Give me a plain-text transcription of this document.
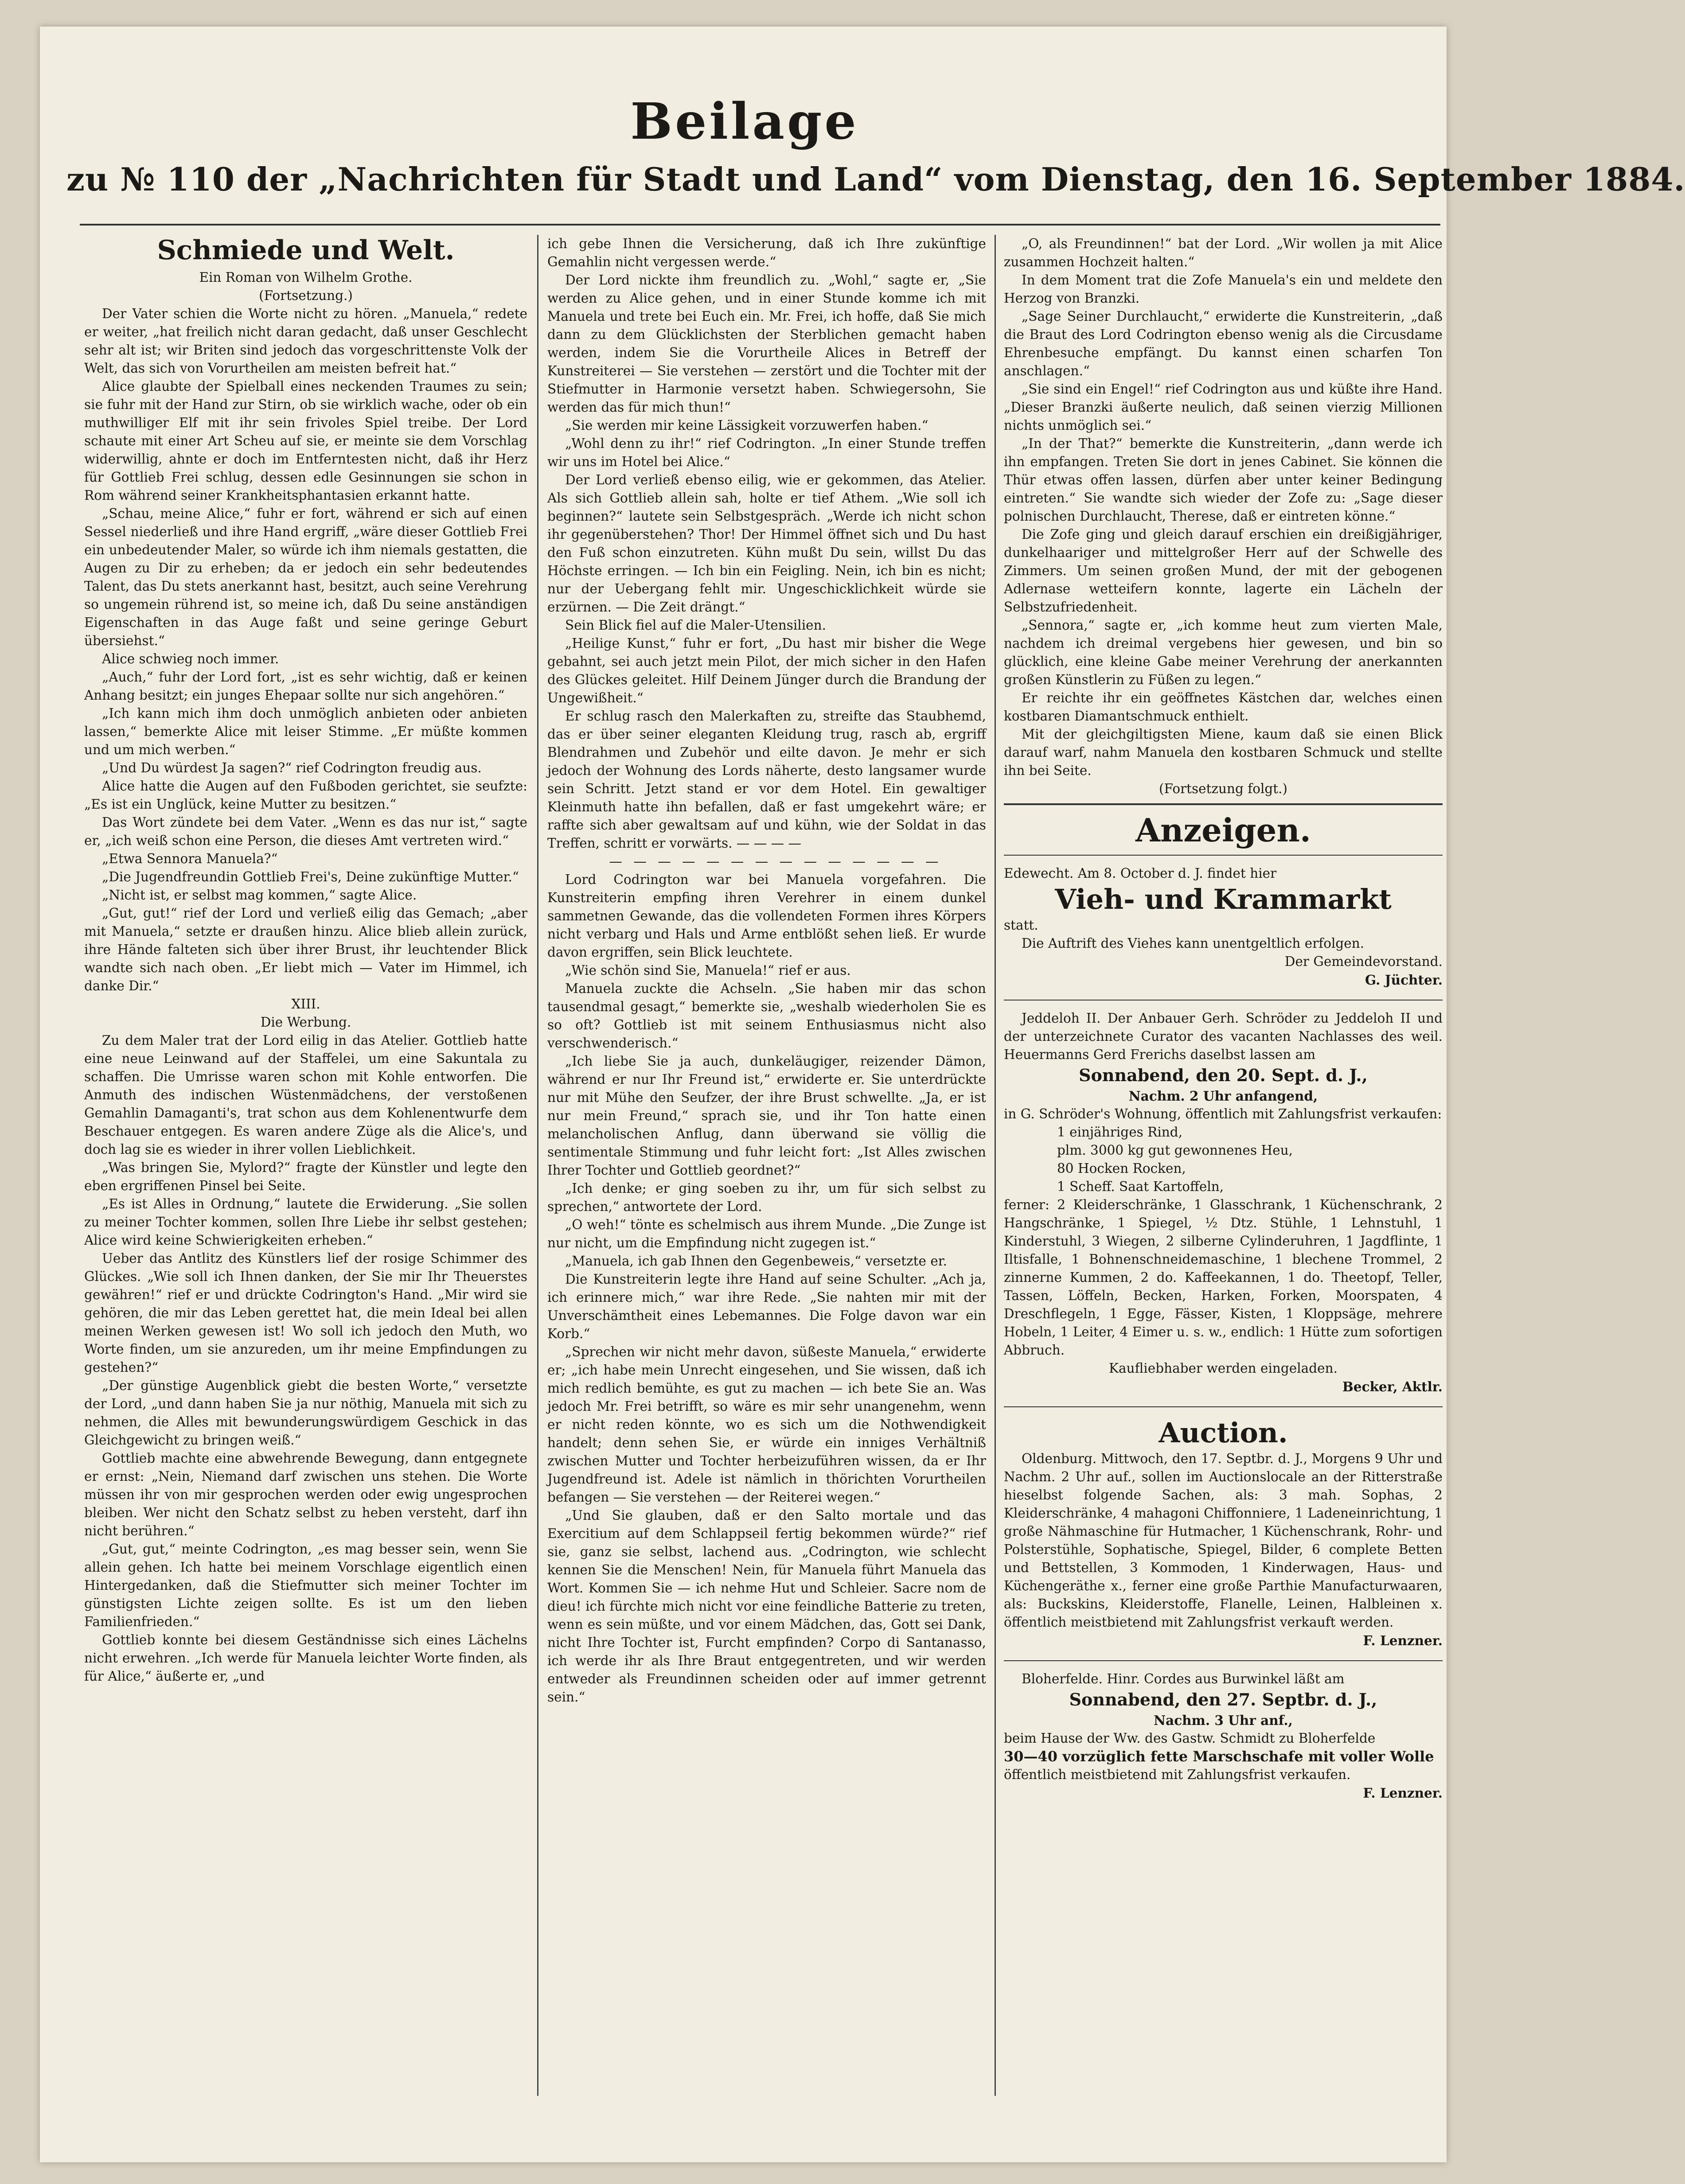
Beilage
zu № 110 der „Nachrichten für Stadt und Land“ vom Dienstag, den 16. September 1884.
Schmiede und Welt.

Ein Roman von Wilhelm Grothe.

(Fortsetzung.)

Der Vater schien die Worte nicht zu hören. „Manuela,“ redete er weiter, „hat freilich nicht daran gedacht, daß unser Geschlecht sehr alt ist; wir Briten sind jedoch das vorgeschrittenste Volk der Welt, das sich von Vorurtheilen am meisten befreit hat.“

Alice glaubte der Spielball eines neckenden Traumes zu sein; sie fuhr mit der Hand zur Stirn, ob sie wirklich wache, oder ob ein muthwilliger Elf mit ihr sein frivoles Spiel treibe. Der Lord schaute mit einer Art Scheu auf sie, er meinte sie dem Vorschlag widerwillig, ahnte er doch im Entferntesten nicht, daß ihr Herz für Gottlieb Frei schlug, dessen edle Gesinnungen sie schon in Rom während seiner Krankheitsphantasien erkannt hatte.

„Schau, meine Alice,“ fuhr er fort, während er sich auf einen Sessel niederließ und ihre Hand ergriff, „wäre dieser Gottlieb Frei ein unbedeutender Maler, so würde ich ihm niemals gestatten, die Augen zu Dir zu erheben; da er jedoch ein sehr bedeutendes Talent, das Du stets anerkannt hast, besitzt, auch seine Verehrung so ungemein rührend ist, so meine ich, daß Du seine anständigen Eigenschaften in das Auge faßt und seine geringe Geburt übersiehst.“

Alice schwieg noch immer.

„Auch,“ fuhr der Lord fort, „ist es sehr wichtig, daß er keinen Anhang besitzt; ein junges Ehepaar sollte nur sich angehören.“

„Ich kann mich ihm doch unmöglich anbieten oder anbieten lassen,“ bemerkte Alice mit leiser Stimme. „Er müßte kommen und um mich werben.“

„Und Du würdest Ja sagen?“ rief Codrington freudig aus.

Alice hatte die Augen auf den Fußboden gerichtet, sie seufzte: „Es ist ein Unglück, keine Mutter zu besitzen.“

Das Wort zündete bei dem Vater. „Wenn es das nur ist,“ sagte er, „ich weiß schon eine Person, die dieses Amt vertreten wird.“

„Etwa Sennora Manuela?“

„Die Jugendfreundin Gottlieb Frei's, Deine zukünftige Mutter.“

„Nicht ist, er selbst mag kommen,“ sagte Alice.

„Gut, gut!“ rief der Lord und verließ eilig das Gemach; „aber mit Manuela,“ setzte er draußen hinzu. Alice blieb allein zurück, ihre Hände falteten sich über ihrer Brust, ihr leuchtender Blick wandte sich nach oben. „Er liebt mich — Vater im Himmel, ich danke Dir.“

XIII.

Die Werbung.

Zu dem Maler trat der Lord eilig in das Atelier. Gottlieb hatte eine neue Leinwand auf der Staffelei, um eine Sakuntala zu schaffen. Die Umrisse waren schon mit Kohle entworfen. Die Anmuth des indischen Wüstenmädchens, der verstoßenen Gemahlin Damaganti's, trat schon aus dem Kohlenentwurfe dem Beschauer entgegen. Es waren andere Züge als die Alice's, und doch lag sie es wieder in ihrer vollen Lieblichkeit.

„Was bringen Sie, Mylord?“ fragte der Künstler und legte den eben ergriffenen Pinsel bei Seite.

„Es ist Alles in Ordnung,“ lautete die Erwiderung. „Sie sollen zu meiner Tochter kommen, sollen Ihre Liebe ihr selbst gestehen; Alice wird keine Schwierigkeiten erheben.“

Ueber das Antlitz des Künstlers lief der rosige Schimmer des Glückes. „Wie soll ich Ihnen danken, der Sie mir Ihr Theuerstes gewähren!“ rief er und drückte Codrington's Hand. „Mir wird sie gehören, die mir das Leben gerettet hat, die mein Ideal bei allen meinen Werken gewesen ist! Wo soll ich jedoch den Muth, wo Worte finden, um sie anzureden, um ihr meine Empfindungen zu gestehen?“

„Der günstige Augenblick giebt die besten Worte,“ versetzte der Lord, „und dann haben Sie ja nur nöthig, Manuela mit sich zu nehmen, die Alles mit bewunderungswürdigem Geschick in das Gleichgewicht zu bringen weiß.“

Gottlieb machte eine abwehrende Bewegung, dann entgegnete er ernst: „Nein, Niemand darf zwischen uns stehen. Die Worte müssen ihr von mir gesprochen werden oder ewig ungesprochen bleiben. Wer nicht den Schatz selbst zu heben versteht, darf ihn nicht berühren.“

„Gut, gut,“ meinte Codrington, „es mag besser sein, wenn Sie allein gehen. Ich hatte bei meinem Vorschlage eigentlich einen Hintergedanken, daß die Stiefmutter sich meiner Tochter im günstigsten Lichte zeigen sollte. Es ist um den lieben Familienfrieden.“

Gottlieb konnte bei diesem Geständnisse sich eines Lächelns nicht erwehren. „Ich werde für Manuela leichter Worte finden, als für Alice,“ äußerte er, „und

ich gebe Ihnen die Versicherung, daß ich Ihre zukünftige Gemahlin nicht vergessen werde.“

Der Lord nickte ihm freundlich zu. „Wohl,“ sagte er, „Sie werden zu Alice gehen, und in einer Stunde komme ich mit Manuela und trete bei Euch ein. Mr. Frei, ich hoffe, daß Sie mich dann zu dem Glücklichsten der Sterblichen gemacht haben werden, indem Sie die Vorurtheile Alices in Betreff der Kunstreiterei — Sie verstehen — zerstört und die Tochter mit der Stiefmutter in Harmonie versetzt haben. Schwiegersohn, Sie werden das für mich thun!“

„Sie werden mir keine Lässigkeit vorzuwerfen haben.“

„Wohl denn zu ihr!“ rief Codrington. „In einer Stunde treffen wir uns im Hotel bei Alice.“

Der Lord verließ ebenso eilig, wie er gekommen, das Atelier. Als sich Gottlieb allein sah, holte er tief Athem. „Wie soll ich beginnen?“ lautete sein Selbstgespräch. „Werde ich nicht schon ihr gegenüberstehen? Thor! Der Himmel öffnet sich und Du hast den Fuß schon einzutreten. Kühn mußt Du sein, willst Du das Höchste erringen. — Ich bin ein Feigling. Nein, ich bin es nicht; nur der Uebergang fehlt mir. Ungeschicklichkeit würde sie erzürnen. — Die Zeit drängt.“

Sein Blick fiel auf die Maler-Utensilien.

„Heilige Kunst,“ fuhr er fort, „Du hast mir bisher die Wege gebahnt, sei auch jetzt mein Pilot, der mich sicher in den Hafen des Glückes geleitet. Hilf Deinem Jünger durch die Brandung der Ungewißheit.“

Er schlug rasch den Malerkaften zu, streifte das Staubhemd, das er über seiner eleganten Kleidung trug, rasch ab, ergriff Blendrahmen und Zubehör und eilte davon. Je mehr er sich jedoch der Wohnung des Lords näherte, desto langsamer wurde sein Schritt. Jetzt stand er vor dem Hotel. Ein gewaltiger Kleinmuth hatte ihn befallen, daß er fast umgekehrt wäre; er raffte sich aber gewaltsam auf und kühn, wie der Soldat in das Treffen, schritt er vorwärts. — — — —

— — — — — — — — — — — — — —

Lord Codrington war bei Manuela vorgefahren. Die Kunstreiterin empfing ihren Verehrer in einem dunkel sammetnen Gewande, das die vollendeten Formen ihres Körpers nicht verbarg und Hals und Arme entblößt sehen ließ. Er wurde davon ergriffen, sein Blick leuchtete.

„Wie schön sind Sie, Manuela!“ rief er aus.

Manuela zuckte die Achseln. „Sie haben mir das schon tausendmal gesagt,“ bemerkte sie, „weshalb wiederholen Sie es so oft? Gottlieb ist mit seinem Enthusiasmus nicht also verschwenderisch.“

„Ich liebe Sie ja auch, dunkeläugiger, reizender Dämon, während er nur Ihr Freund ist,“ erwiderte er. Sie unterdrückte nur mit Mühe den Seufzer, der ihre Brust schwellte. „Ja, er ist nur mein Freund,“ sprach sie, und ihr Ton hatte einen melancholischen Anflug, dann überwand sie völlig die sentimentale Stimmung und fuhr leicht fort: „Ist Alles zwischen Ihrer Tochter und Gottlieb geordnet?“

„Ich denke; er ging soeben zu ihr, um für sich selbst zu sprechen,“ antwortete der Lord.

„O weh!“ tönte es schelmisch aus ihrem Munde. „Die Zunge ist nur nicht, um die Empfindung nicht zugegen ist.“

„Manuela, ich gab Ihnen den Gegenbeweis,“ versetzte er.

Die Kunstreiterin legte ihre Hand auf seine Schulter. „Ach ja, ich erinnere mich,“ war ihre Rede. „Sie nahten mir mit der Unverschämtheit eines Lebemannes. Die Folge davon war ein Korb.“

„Sprechen wir nicht mehr davon, süßeste Manuela,“ erwiderte er; „ich habe mein Unrecht eingesehen, und Sie wissen, daß ich mich redlich bemühte, es gut zu machen — ich bete Sie an. Was jedoch Mr. Frei betrifft, so wäre es mir sehr unangenehm, wenn er nicht reden könnte, wo es sich um die Nothwendigkeit handelt; denn sehen Sie, er würde ein inniges Verhältniß zwischen Mutter und Tochter herbeizuführen wissen, da er Ihr Jugendfreund ist. Adele ist nämlich in thörichten Vorurtheilen befangen — Sie verstehen — der Reiterei wegen.“

„Und Sie glauben, daß er den Salto mortale und das Exercitium auf dem Schlappseil fertig bekommen würde?“ rief sie, ganz sie selbst, lachend aus. „Codrington, wie schlecht kennen Sie die Menschen! Nein, für Manuela führt Manuela das Wort. Kommen Sie — ich nehme Hut und Schleier. Sacre nom de dieu! ich fürchte mich nicht vor eine feindliche Batterie zu treten, wenn es sein müßte, und vor einem Mädchen, das, Gott sei Dank, nicht Ihre Tochter ist, Furcht empfinden? Corpo di Santanasso, ich werde ihr als Ihre Braut entgegentreten, und wir werden entweder als Freundinnen scheiden oder auf immer getrennt sein.“

„O, als Freundinnen!“ bat der Lord. „Wir wollen ja mit Alice zusammen Hochzeit halten.“

In dem Moment trat die Zofe Manuela's ein und meldete den Herzog von Branzki.

„Sage Seiner Durchlaucht,“ erwiderte die Kunstreiterin, „daß die Braut des Lord Codrington ebenso wenig als die Circusdame Ehrenbesuche empfängt. Du kannst einen scharfen Ton anschlagen.“

„Sie sind ein Engel!“ rief Codrington aus und küßte ihre Hand. „Dieser Branzki äußerte neulich, daß seinen vierzig Millionen nichts unmöglich sei.“

„In der That?“ bemerkte die Kunstreiterin, „dann werde ich ihn empfangen. Treten Sie dort in jenes Cabinet. Sie können die Thür etwas offen lassen, dürfen aber unter keiner Bedingung eintreten.“ Sie wandte sich wieder der Zofe zu: „Sage dieser polnischen Durchlaucht, Therese, daß er eintreten könne.“

Die Zofe ging und gleich darauf erschien ein dreißigjähriger, dunkelhaariger und mittelgroßer Herr auf der Schwelle des Zimmers. Um seinen großen Mund, der mit der gebogenen Adlernase wetteifern konnte, lagerte ein Lächeln der Selbstzufriedenheit.

„Sennora,“ sagte er, „ich komme heut zum vierten Male, nachdem ich dreimal vergebens hier gewesen, und bin so glücklich, eine kleine Gabe meiner Verehrung der anerkannten großen Künstlerin zu Füßen zu legen.“

Er reichte ihr ein geöffnetes Kästchen dar, welches einen kostbaren Diamantschmuck enthielt.

Mit der gleichgiltigsten Miene, kaum daß sie einen Blick darauf warf, nahm Manuela den kostbaren Schmuck und stellte ihn bei Seite.

(Fortsetzung folgt.)

Anzeigen.

Edewecht. Am 8. October d. J. findet hier

Vieh- und Krammarkt

statt.

Die Auftrift des Viehes kann unentgeltlich erfolgen.

Der Gemeindevorstand.

G. Jüchter.

Jeddeloh II. Der Anbauer Gerh. Schröder zu Jeddeloh II und der unterzeichnete Curator des vacanten Nachlasses des weil. Heuermanns Gerd Frerichs daselbst lassen am

Sonnabend, den 20. Sept. d. J.,

Nachm. 2 Uhr anfangend,

in G. Schröder's Wohnung, öffentlich mit Zahlungsfrist verkaufen:

1 einjähriges Rind,

plm. 3000 kg gut gewonnenes Heu,

80 Hocken Rocken,

1 Scheff. Saat Kartoffeln,

ferner: 2 Kleiderschränke, 1 Glasschrank, 1 Küchenschrank, 2 Hangschränke, 1 Spiegel, ½ Dtz. Stühle, 1 Lehnstuhl, 1 Kinderstuhl, 3 Wiegen, 2 silberne Cylinderuhren, 1 Jagdflinte, 1 Iltisfalle, 1 Bohnenschneidemaschine, 1 blechene Trommel, 2 zinnerne Kummen, 2 do. Kaffeekannen, 1 do. Theetopf, Teller, Tassen, Löffeln, Becken, Harken, Forken, Moorspaten, 4 Dreschflegeln, 1 Egge, Fässer, Kisten, 1 Kloppsäge, mehrere Hobeln, 1 Leiter, 4 Eimer u. s. w., endlich: 1 Hütte zum sofortigen Abbruch.

Kaufliebhaber werden eingeladen.

Becker, Aktlr.

Auction.

Oldenburg. Mittwoch, den 17. Septbr. d. J., Morgens 9 Uhr und Nachm. 2 Uhr auf., sollen im Auctionslocale an der Ritterstraße hieselbst folgende Sachen, als: 3 mah. Sophas, 2 Kleiderschränke, 4 mahagoni Chiffonniere, 1 Ladeneinrichtung, 1 große Nähmaschine für Hutmacher, 1 Küchenschrank, Rohr- und Polsterstühle, Sophatische, Spiegel, Bilder, 6 complete Betten und Bettstellen, 3 Kommoden, 1 Kinderwagen, Haus- und Küchengeräthe x., ferner eine große Parthie Manufacturwaaren, als: Buckskins, Kleiderstoffe, Flanelle, Leinen, Halbleinen x. öffentlich meistbietend mit Zahlungsfrist verkauft werden.

F. Lenzner.

Bloherfelde. Hinr. Cordes aus Burwinkel läßt am

Sonnabend, den 27. Septbr. d. J.,

Nachm. 3 Uhr anf.,

beim Hause der Ww. des Gastw. Schmidt zu Bloherfelde

30—40 vorzüglich fette Marschschafe mit voller Wolle

öffentlich meistbietend mit Zahlungsfrist verkaufen.

F. Lenzner.
